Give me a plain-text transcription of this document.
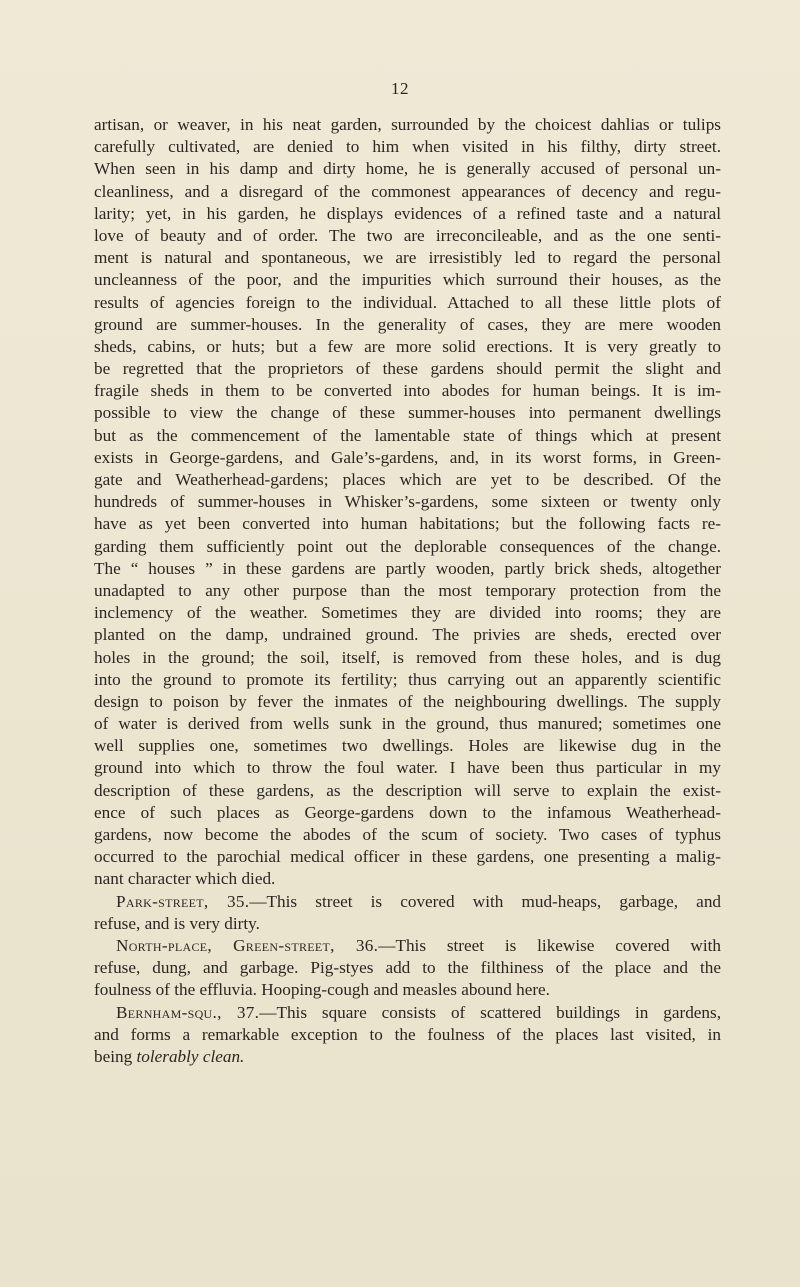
12
artisan, or weaver, in his neat garden, surrounded by the choicest dahlias or tulips
carefully cultivated, are denied to him when visited in his filthy, dirty street.
When seen in his damp and dirty home, he is generally accused of personal un-
cleanliness, and a disregard of the commonest appearances of decency and regu-
larity; yet, in his garden, he displays evidences of a refined taste and a natural
love of beauty and of order. The two are irreconcileable, and as the one senti-
ment is natural and spontaneous, we are irresistibly led to regard the personal
uncleanness of the poor, and the impurities which surround their houses, as the
results of agencies foreign to the individual. Attached to all these little plots of
ground are summer-houses. In the generality of cases, they are mere wooden
sheds, cabins, or huts; but a few are more solid erections. It is very greatly to
be regretted that the proprietors of these gardens should permit the slight and
fragile sheds in them to be converted into abodes for human beings. It is im-
possible to view the change of these summer-houses into permanent dwellings
but as the commencement of the lamentable state of things which at present
exists in George-gardens, and Gale’s-gardens, and, in its worst forms, in Green-
gate and Weatherhead-gardens; places which are yet to be described. Of the
hundreds of summer-houses in Whisker’s-gardens, some sixteen or twenty only
have as yet been converted into human habitations; but the following facts re-
garding them sufficiently point out the deplorable consequences of the change.
The “ houses ” in these gardens are partly wooden, partly brick sheds, altogether
unadapted to any other purpose than the most temporary protection from the
inclemency of the weather. Sometimes they are divided into rooms; they are
planted on the damp, undrained ground. The privies are sheds, erected over
holes in the ground; the soil, itself, is removed from these holes, and is dug
into the ground to promote its fertility; thus carrying out an apparently scientific
design to poison by fever the inmates of the neighbouring dwellings. The supply
of water is derived from wells sunk in the ground, thus manured; sometimes one
well supplies one, sometimes two dwellings. Holes are likewise dug in the
ground into which to throw the foul water. I have been thus particular in my
description of these gardens, as the description will serve to explain the exist-
ence of such places as George-gardens down to the infamous Weatherhead-
gardens, now become the abodes of the scum of society. Two cases of typhus
occurred to the parochial medical officer in these gardens, one presenting a malig-
nant character which died.
Park-street, 35.—This street is covered with mud-heaps, garbage, and
refuse, and is very dirty.
North-place, Green-street, 36.—This street is likewise covered with
refuse, dung, and garbage. Pig-styes add to the filthiness of the place and the
foulness of the effluvia. Hooping-cough and measles abound here.
Bernham-squ., 37.—This square consists of scattered buildings in gardens,
and forms a remarkable exception to the foulness of the places last visited, in
being tolerably clean.
